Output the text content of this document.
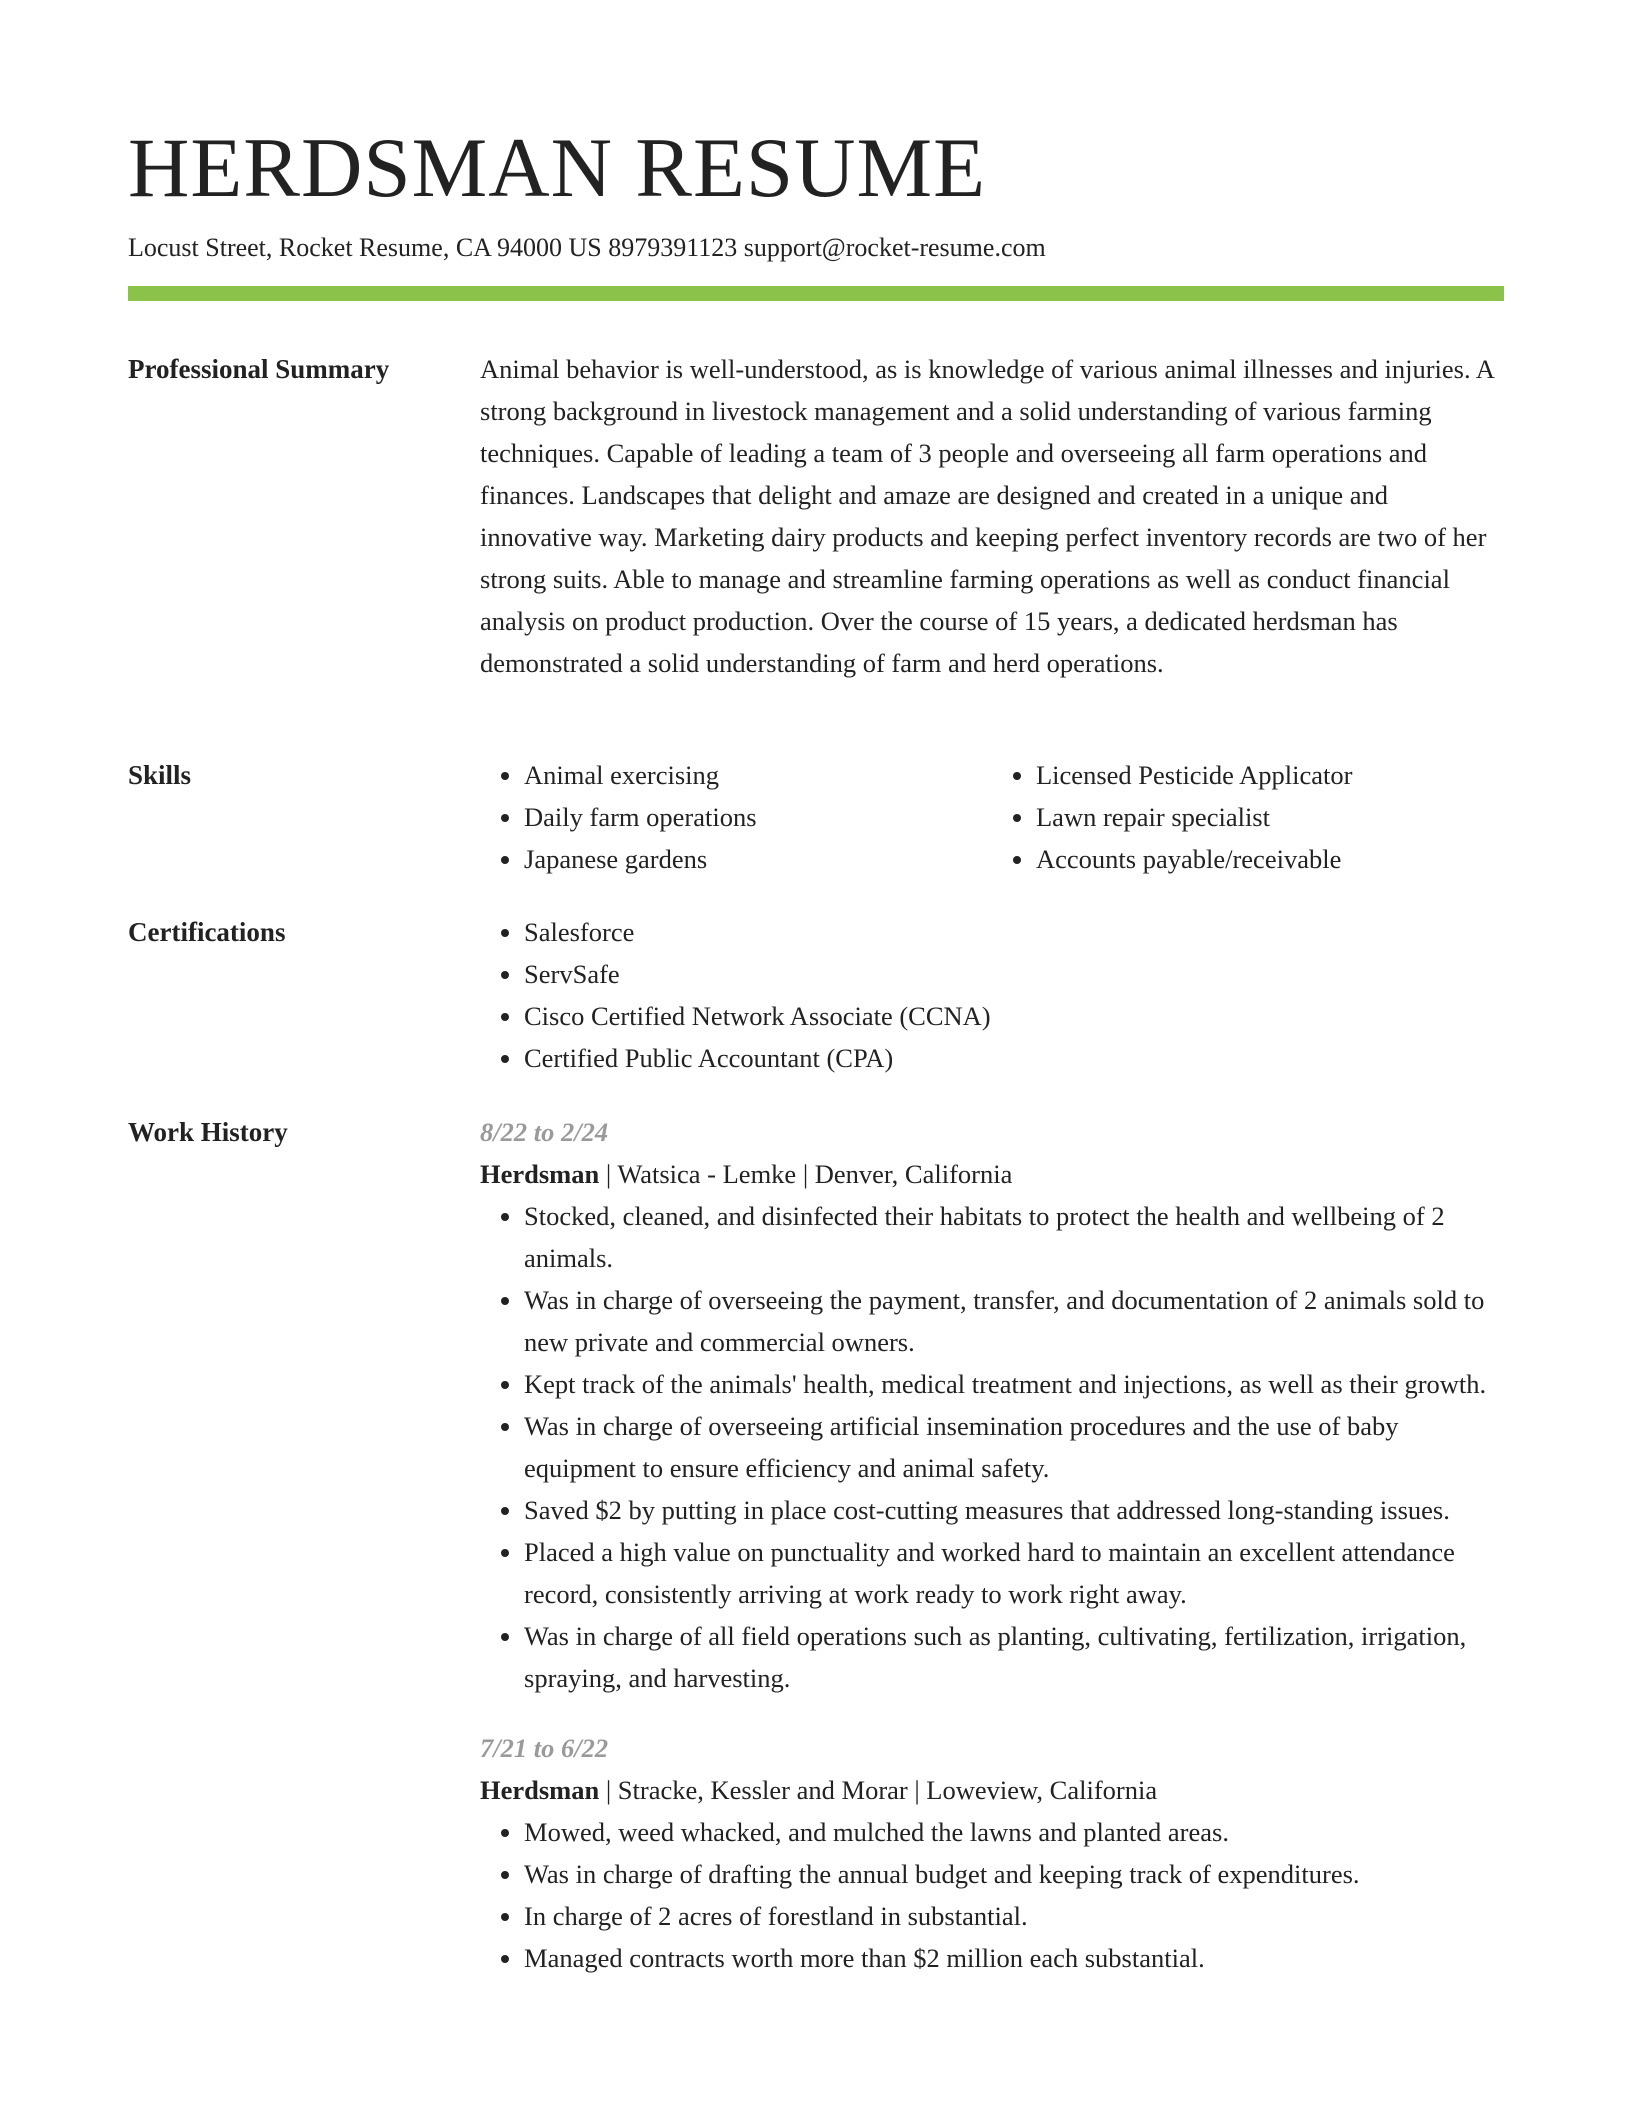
HERDSMAN RESUME
Locust Street, Rocket Resume, CA 94000 US 8979391123 support@rocket-resume.com
Professional Summary	Animal behavior is well-understood, as is knowledge of various animal illnesses and injuries. A strong background in livestock management and a solid understanding of various farming techniques. Capable of leading a team of 3 people and overseeing all farm operations and finances. Landscapes that delight and amaze are designed and created in a unique and innovative way. Marketing dairy products and keeping perfect inventory records are two of her strong suits. Able to manage and streamline farming operations as well as conduct financial analysis on product production. Over the course of 15 years, a dedicated herdsman has demonstrated a solid understanding of farm and herd operations.

Skills	• Animal exercising
• Daily farm operations
• Japanese gardens
• Licensed Pesticide Applicator
• Lawn repair specialist
• Accounts payable/receivable
Certifications	• Salesforce
• ServSafe
• Cisco Certified Network Associate (CCNA)
• Certified Public Accountant (CPA)
Work History	8/22 to 2/24
Herdsman | Watsica - Lemke | Denver, California
• Stocked, cleaned, and disinfected their habitats to protect the health and wellbeing of 2 animals.
• Was in charge of overseeing the payment, transfer, and documentation of 2 animals sold to new private and commercial owners.
• Kept track of the animals' health, medical treatment and injections, as well as their growth.
• Was in charge of overseeing artificial insemination procedures and the use of baby equipment to ensure efficiency and animal safety.
• Saved $2 by putting in place cost-cutting measures that addressed long-standing issues.
• Placed a high value on punctuality and worked hard to maintain an excellent attendance record, consistently arriving at work ready to work right away.
• Was in charge of all field operations such as planting, cultivating, fertilization, irrigation, spraying, and harvesting.
7/21 to 6/22
Herdsman | Stracke, Kessler and Morar | Loweview, California
• Mowed, weed whacked, and mulched the lawns and planted areas.
• Was in charge of drafting the annual budget and keeping track of expenditures.
• In charge of 2 acres of forestland in substantial.
• Managed contracts worth more than $2 million each substantial.
